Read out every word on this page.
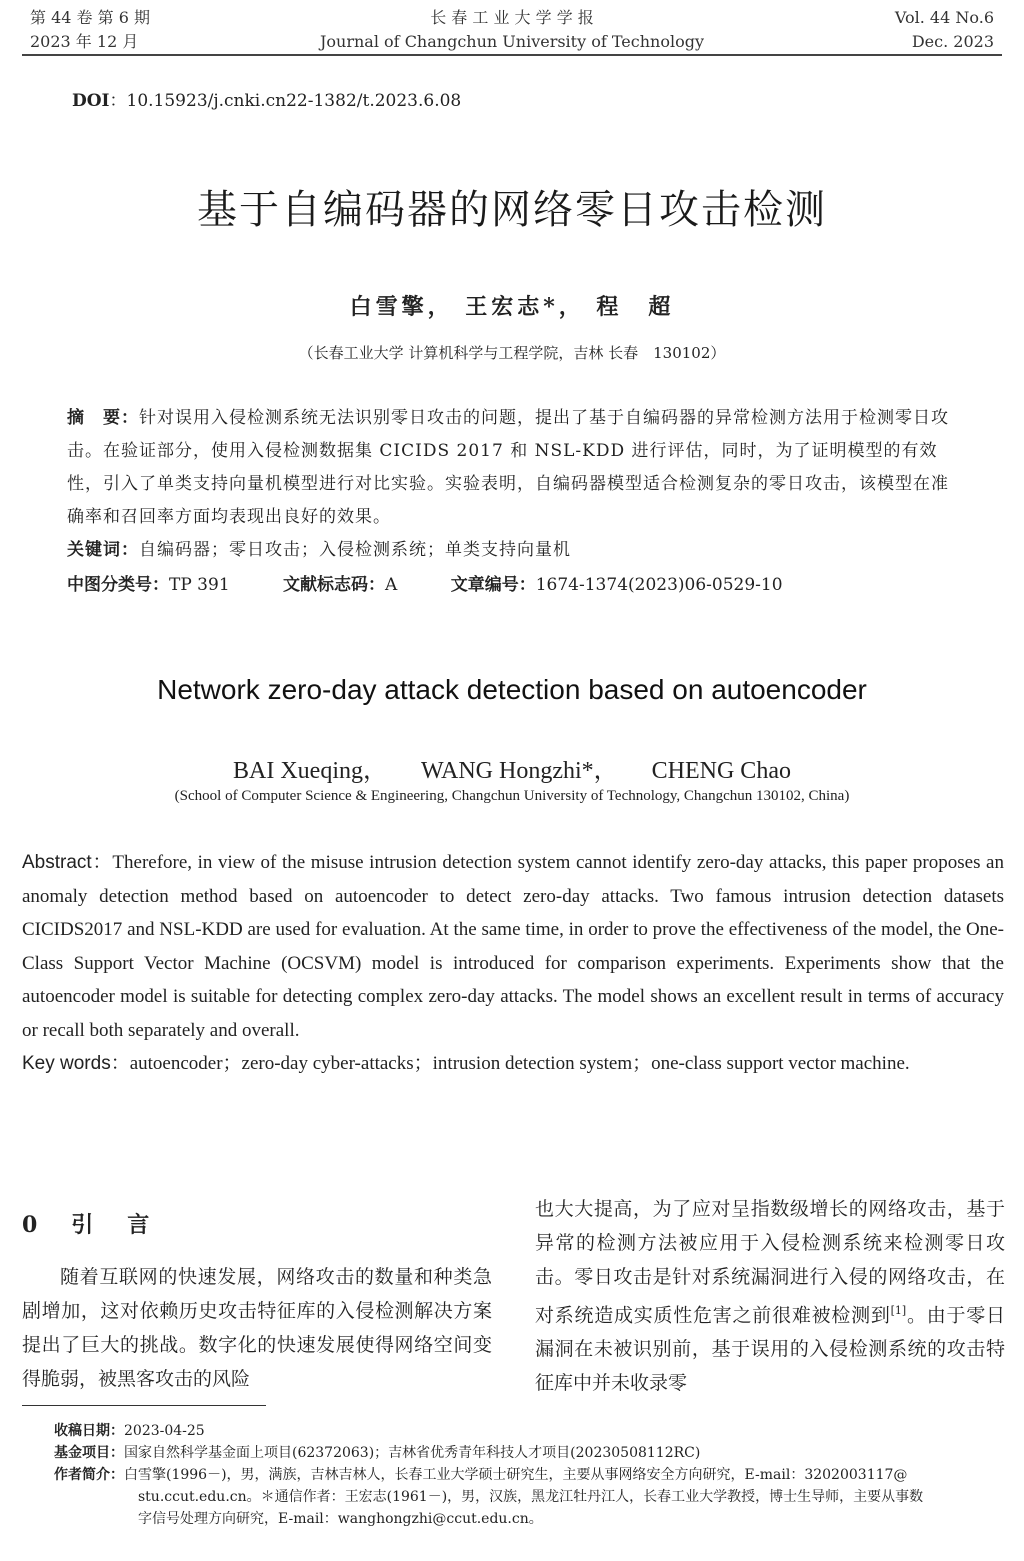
第 44 卷 第 6 期
2023 年 12 月
长 春 工 业 大 学 学 报
Journal of Changchun University of Technology
Vol. 44 No.6
Dec. 2023
DOI：10.15923/j.cnki.cn22-1382/t.2023.6.08
基于自编码器的网络零日攻击检测
白雪擎， 王宏志*， 程　超
（长春工业大学 计算机科学与工程学院，吉林 长春　130102）
摘　要：针对误用入侵检测系统无法识别零日攻击的问题，提出了基于自编码器的异常检测方法用于检测零日攻击。在验证部分，使用入侵检测数据集 CICIDS 2017 和 NSL-KDD 进行评估，同时，为了证明模型的有效性，引入了单类支持向量机模型进行对比实验。实验表明，自编码器模型适合检测复杂的零日攻击，该模型在准确率和召回率方面均表现出良好的效果。
关键词：自编码器；零日攻击；入侵检测系统；单类支持向量机
中图分类号：TP 391	文献标志码：A	文章编号：1674-1374(2023)06-0529-10
Network zero-day attack detection based on autoencoder
BAI Xueqing， WANG Hongzhi*， CHENG Chao
(School of Computer Science & Engineering, Changchun University of Technology, Changchun 130102, China)
Abstract：Therefore, in view of the misuse intrusion detection system cannot identify zero-day attacks, this paper proposes an anomaly detection method based on autoencoder to detect zero-day attacks. Two famous intrusion detection datasets CICIDS2017 and NSL-KDD are used for evaluation. At the same time, in order to prove the effectiveness of the model, the One-Class Support Vector Machine (OCSVM) model is introduced for comparison experiments. Experiments show that the autoencoder model is suitable for detecting complex zero-day attacks. The model shows an excellent result in terms of accuracy or recall both separately and overall.
Key words：autoencoder；zero-day cyber-attacks；intrusion detection system；one-class support vector machine.
0　引　言

随着互联网的快速发展，网络攻击的数量和种类急剧增加，这对依赖历史攻击特征库的入侵检测解决方案提出了巨大的挑战。数字化的快速发展使得网络空间变得脆弱，被黑客攻击的风险

也大大提高，为了应对呈指数级增长的网络攻击，基于异常的检测方法被应用于入侵检测系统来检测零日攻击。零日攻击是针对系统漏洞进行入侵的网络攻击，在对系统造成实质性危害之前很难被检测到[1]。由于零日漏洞在未被识别前，基于误用的入侵检测系统的攻击特征库中并未收录零

收稿日期：2023-04-25
基金项目：国家自然科学基金面上项目(62372063)；吉林省优秀青年科技人才项目(20230508112RC)
作者简介：白雪擎(1996－)，男，满族，吉林吉林人，长春工业大学硕士研究生，主要从事网络安全方向研究，E-mail：3202003117@
stu.ccut.edu.cn。＊通信作者：王宏志(1961－)，男，汉族，黑龙江牡丹江人，长春工业大学教授，博士生导师，主要从事数
字信号处理方向研究，E-mail：wanghongzhi@ccut.edu.cn。
